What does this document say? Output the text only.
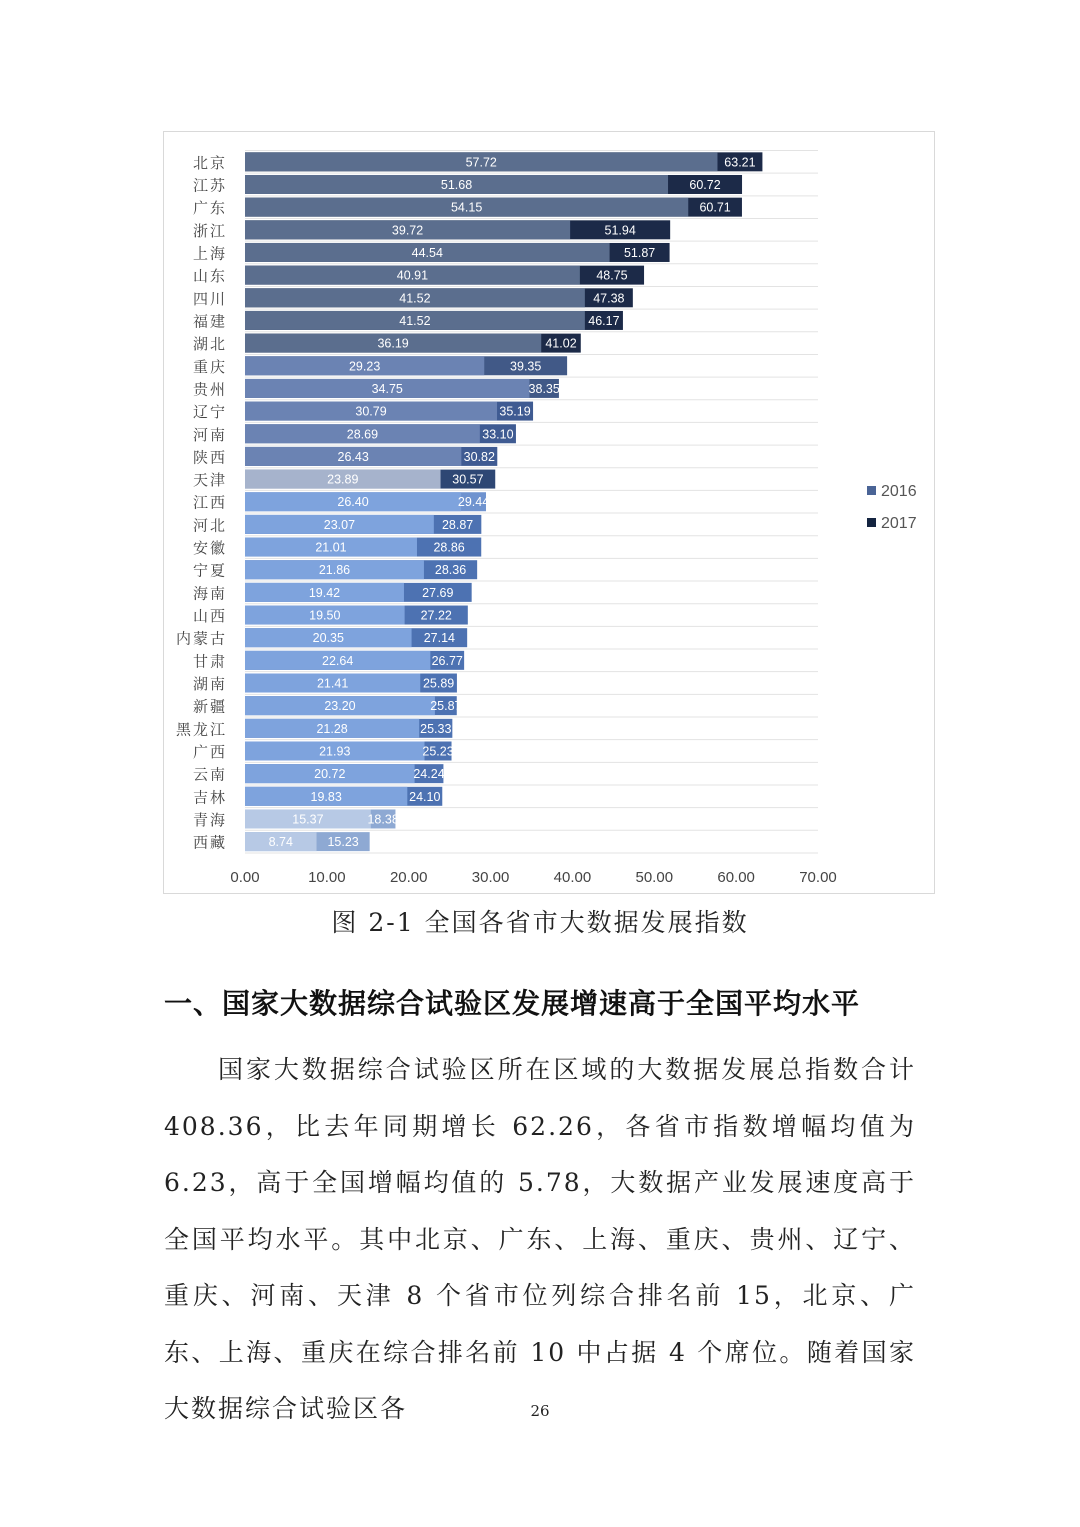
57.72	63.21
北京
51.68	60.72
江苏
54.15	60.71
广东
39.72	51.94
浙江
44.54	51.87
上海
40.91	48.75
山东
41.52	47.38
四川
41.52	46.17
福建
36.19	41.02
湖北
29.23	39.35
重庆
34.75	38.35
贵州
30.79	35.19
辽宁
28.69	33.10
河南
26.43	30.82
陕西
23.89	30.57
天津
26.40	29.44
江西
23.07	28.87
河北
21.01	28.86
安徽
21.86	28.36
宁夏
19.42	27.69
海南
19.50	27.22
山西
20.35	27.14
内蒙古
22.64	26.77
甘肃
21.41	25.89
湖南
23.20	25.87
新疆
21.28	25.33
黑龙江
21.93	25.23
广西
20.72	24.24
云南
19.83	24.10
吉林
15.37	18.38
青海
8.74	15.23
西藏
0.00	10.00	20.00	30.00	40.00	50.00	60.00	70.00
2016
2017
图 2-1 全国各省市大数据发展指数
一、国家大数据综合试验区发展增速高于全国平均水平
国家大数据综合试验区所在区域的大数据发展总指数合计408.36，比去年同期增长 62.26，各省市指数增幅均值为 6.23，高于全国增幅均值的 5.78，大数据产业发展速度高于全国平均水平。其中北京、广东、上海、重庆、贵州、辽宁、重庆、河南、天津 8 个省市位列综合排名前 15，北京、广东、上海、重庆在综合排名前 10 中占据 4 个席位。随着国家大数据综合试验区各	26
